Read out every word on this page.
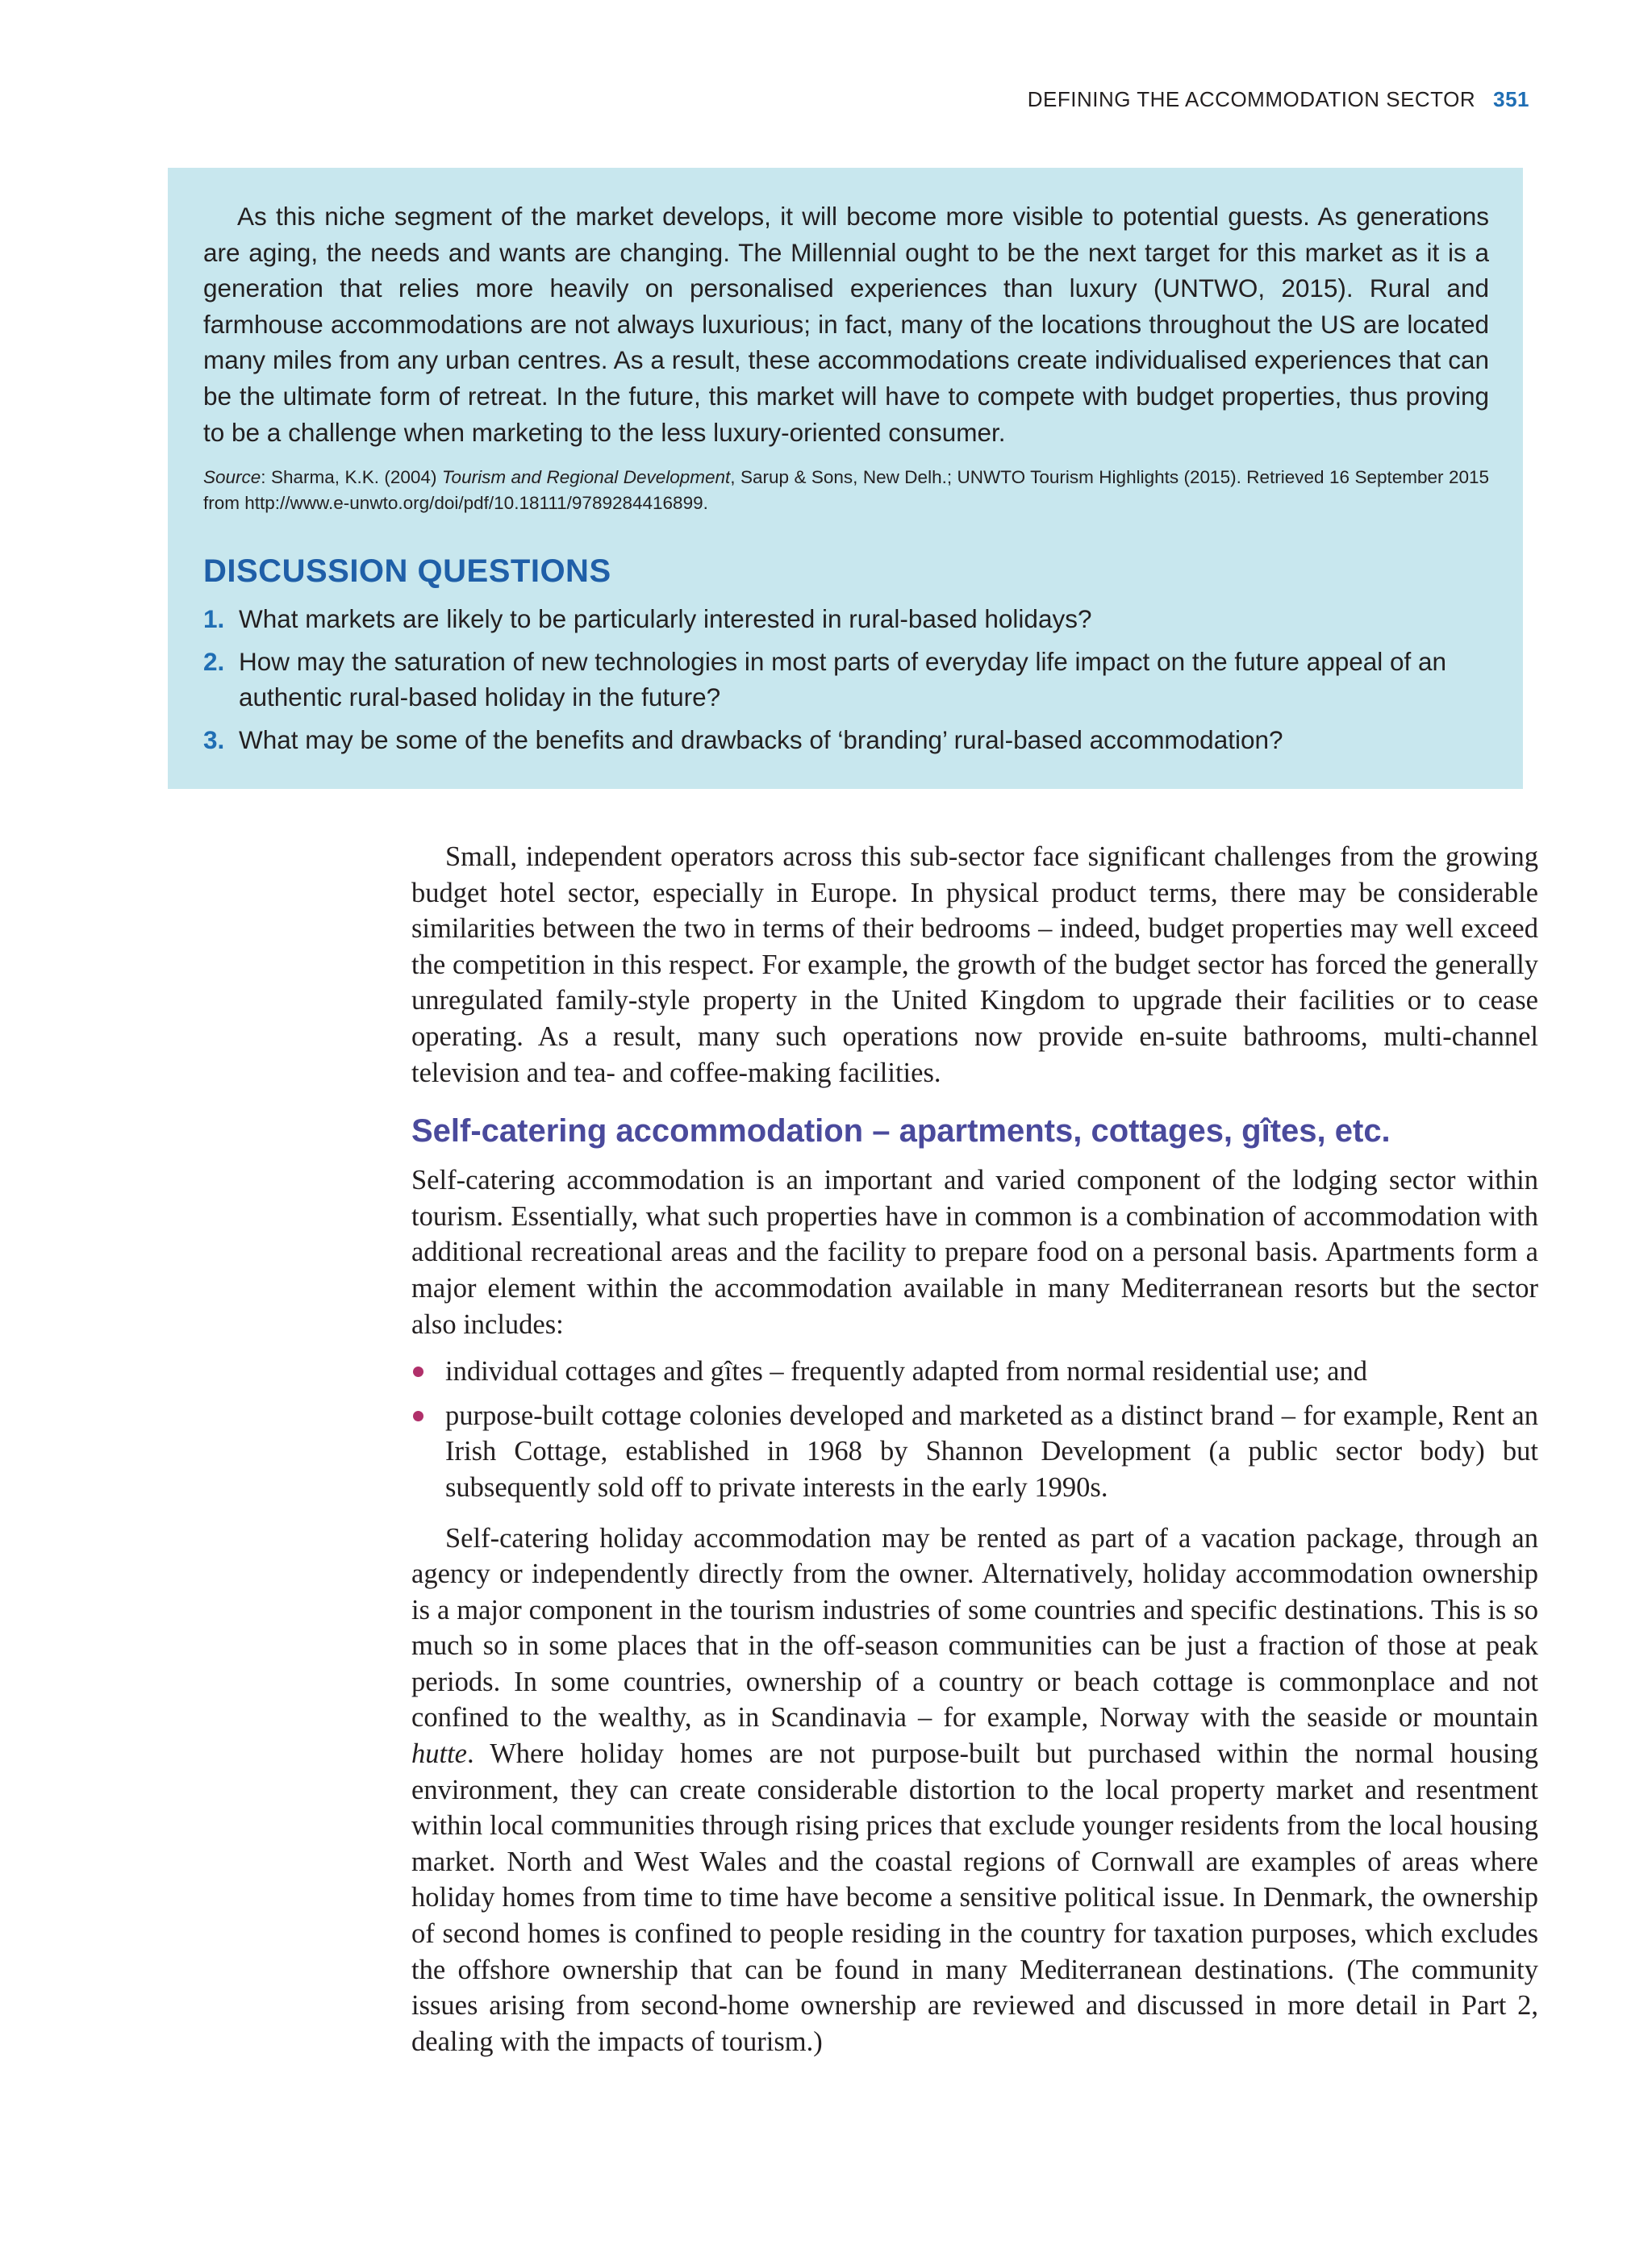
DEFINING THE ACCOMMODATION SECTOR 351

As this niche segment of the market develops, it will become more visible to potential guests. As generations are aging, the needs and wants are changing. The Millennial ought to be the next target for this market as it is a generation that relies more heavily on personalised experiences than luxury (UNTWO, 2015). Rural and farmhouse accommodations are not always luxurious; in fact, many of the locations throughout the US are located many miles from any urban centres. As a result, these accommodations create individualised experiences that can be the ultimate form of retreat. In the future, this market will have to compete with budget properties, thus proving to be a challenge when marketing to the less luxury-oriented consumer.

Source: Sharma, K.K. (2004) Tourism and Regional Development, Sarup & Sons, New Delh.; UNWTO Tourism Highlights (2015). Retrieved 16 September 2015 from http://www.e-unwto.org/doi/pdf/10.18111/9789284416899.

DISCUSSION QUESTIONS
1. What markets are likely to be particularly interested in rural-based holidays?
2. How may the saturation of new technologies in most parts of everyday life impact on the future appeal of an authentic rural-based holiday in the future?
3. What may be some of the benefits and drawbacks of ‘branding’ rural-based accommodation?

Small, independent operators across this sub-sector face significant challenges from the growing budget hotel sector, especially in Europe. In physical product terms, there may be considerable similarities between the two in terms of their bedrooms – indeed, budget properties may well exceed the competition in this respect. For example, the growth of the budget sector has forced the generally unregulated family-style property in the United Kingdom to upgrade their facilities or to cease operating. As a result, many such operations now provide en-suite bathrooms, multi-channel television and tea- and coffee-making facilities.

Self-catering accommodation – apartments, cottages, gîtes, etc.

Self-catering accommodation is an important and varied component of the lodging sector within tourism. Essentially, what such properties have in common is a combination of accommodation with additional recreational areas and the facility to prepare food on a personal basis. Apartments form a major element within the accommodation available in many Mediterranean resorts but the sector also includes:

individual cottages and gîtes – frequently adapted from normal residential use; and
purpose-built cottage colonies developed and marketed as a distinct brand – for example, Rent an Irish Cottage, established in 1968 by Shannon Development (a public sector body) but subsequently sold off to private interests in the early 1990s.

Self-catering holiday accommodation may be rented as part of a vacation package, through an agency or independently directly from the owner. Alternatively, holiday accommodation ownership is a major component in the tourism industries of some countries and specific destinations. This is so much so in some places that in the off-season communities can be just a fraction of those at peak periods. In some countries, ownership of a country or beach cottage is commonplace and not confined to the wealthy, as in Scandinavia – for example, Norway with the seaside or mountain hutte. Where holiday homes are not purpose-built but purchased within the normal housing environment, they can create considerable distortion to the local property market and resentment within local communities through rising prices that exclude younger residents from the local housing market. North and West Wales and the coastal regions of Cornwall are examples of areas where holiday homes from time to time have become a sensitive political issue. In Denmark, the ownership of second homes is confined to people residing in the country for taxation purposes, which excludes the offshore ownership that can be found in many Mediterranean destinations. (The community issues arising from second-home ownership are reviewed and discussed in more detail in Part 2, dealing with the impacts of tourism.)
